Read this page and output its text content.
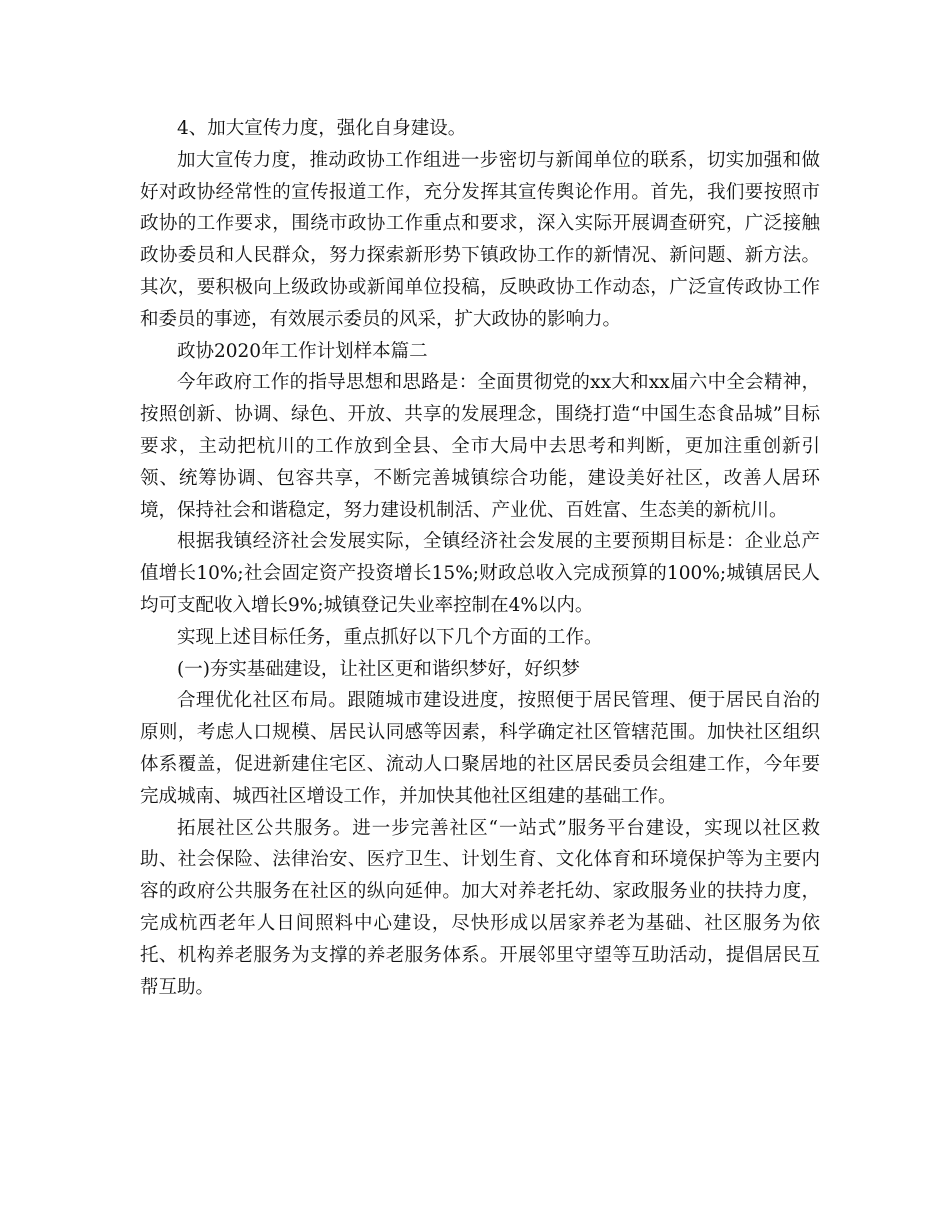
4、加大宣传力度，强化自身建设。

加大宣传力度，推动政协工作组进一步密切与新闻单位的联系，切实加强和做好对政协经常性的宣传报道工作，充分发挥其宣传舆论作用。首先，我们要按照市政协的工作要求，围绕市政协工作重点和要求，深入实际开展调查研究，广泛接触政协委员和人民群众，努力探索新形势下镇政协工作的新情况、新问题、新方法。其次，要积极向上级政协或新闻单位投稿，反映政协工作动态，广泛宣传政协工作和委员的事迹，有效展示委员的风采，扩大政协的影响力。

政协2020年工作计划样本篇二

今年政府工作的指导思想和思路是：全面贯彻党的xx大和xx届六中全会精神，按照创新、协调、绿色、开放、共享的发展理念，围绕打造“中国生态食品城”目标要求，主动把杭川的工作放到全县、全市大局中去思考和判断，更加注重创新引领、统筹协调、包容共享，不断完善城镇综合功能，建设美好社区，改善人居环境，保持社会和谐稳定，努力建设机制活、产业优、百姓富、生态美的新杭川。

根据我镇经济社会发展实际，全镇经济社会发展的主要预期目标是：企业总产值增长10%;社会固定资产投资增长15%;财政总收入完成预算的100%;城镇居民人均可支配收入增长9%;城镇登记失业率控制在4%以内。

实现上述目标任务，重点抓好以下几个方面的工作。

(一)夯实基础建设，让社区更和谐织梦好，好织梦

合理优化社区布局。跟随城市建设进度，按照便于居民管理、便于居民自治的原则，考虑人口规模、居民认同感等因素，科学确定社区管辖范围。加快社区组织体系覆盖，促进新建住宅区、流动人口聚居地的社区居民委员会组建工作，今年要完成城南、城西社区增设工作，并加快其他社区组建的基础工作。

拓展社区公共服务。进一步完善社区“一站式”服务平台建设，实现以社区救助、社会保险、法律治安、医疗卫生、计划生育、文化体育和环境保护等为主要内容的政府公共服务在社区的纵向延伸。加大对养老托幼、家政服务业的扶持力度，完成杭西老年人日间照料中心建设，尽快形成以居家养老为基础、社区服务为依托、机构养老服务为支撑的养老服务体系。开展邻里守望等互助活动，提倡居民互帮互助。
